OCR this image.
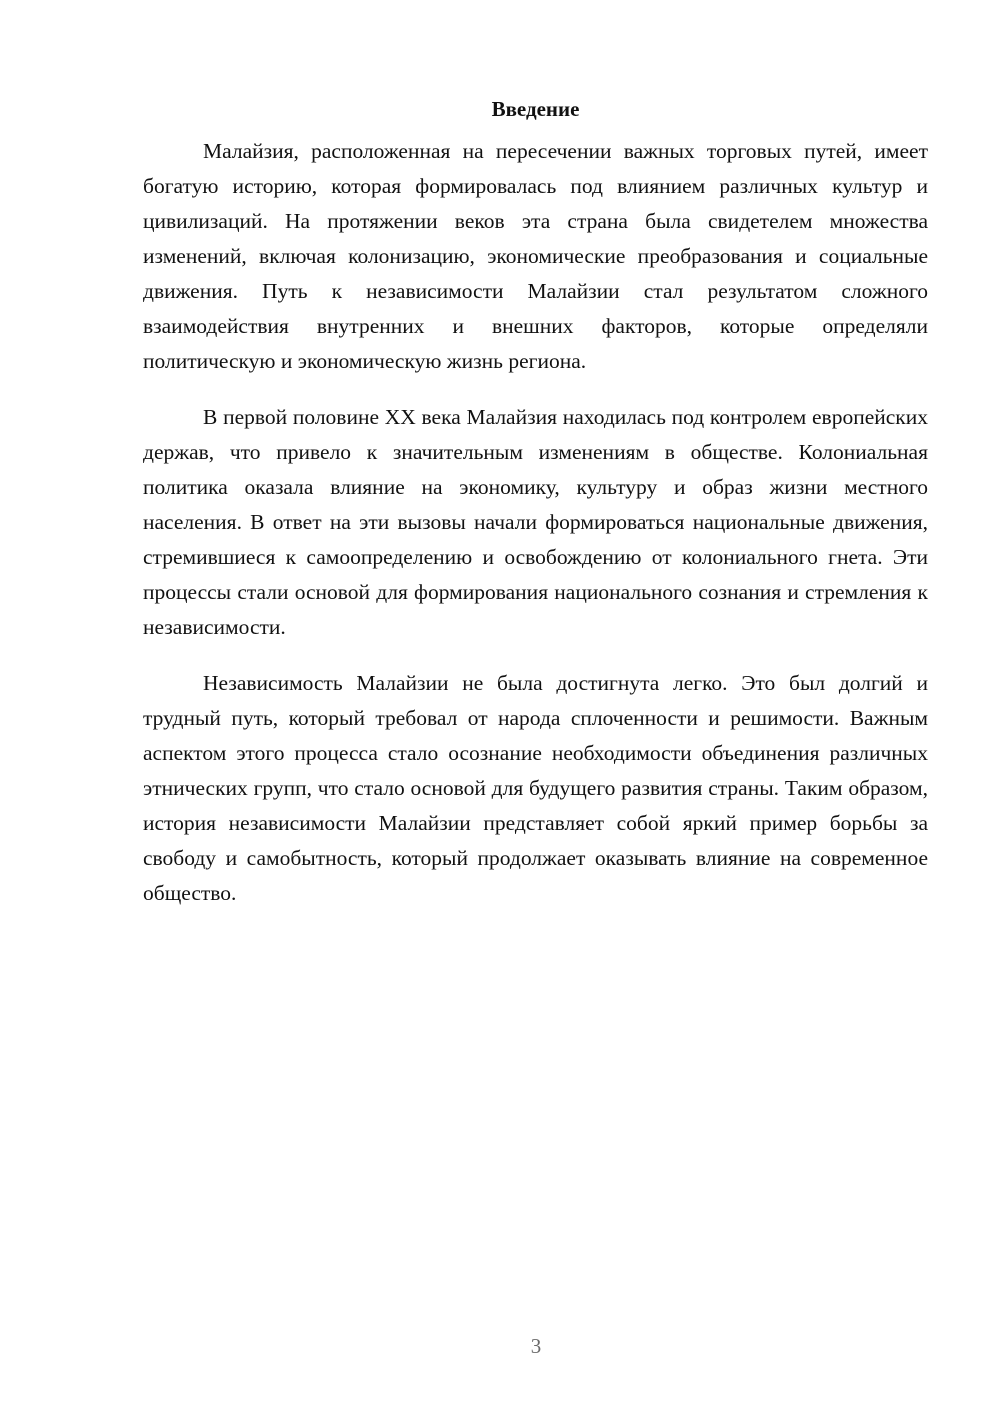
Введение

Малайзия, расположенная на пересечении важных торговых путей, имеет богатую историю, которая формировалась под влиянием различных культур и цивилизаций. На протяжении веков эта страна была свидетелем множества изменений, включая колонизацию, экономические преобразования и социальные движения. Путь к независимости Малайзии стал результатом сложного взаимодействия внутренних и внешних факторов, которые определяли политическую и экономическую жизнь региона.

В первой половине XX века Малайзия находилась под контролем европейских держав, что привело к значительным изменениям в обществе. Колониальная политика оказала влияние на экономику, культуру и образ жизни местного населения. В ответ на эти вызовы начали формироваться национальные движения, стремившиеся к самоопределению и освобождению от колониального гнета. Эти процессы стали основой для формирования национального сознания и стремления к независимости.

Независимость Малайзии не была достигнута легко. Это был долгий и трудный путь, который требовал от народа сплоченности и решимости. Важным аспектом этого процесса стало осознание необходимости объединения различных этнических групп, что стало основой для будущего развития страны. Таким образом, история независимости Малайзии представляет собой яркий пример борьбы за свободу и самобытность, который продолжает оказывать влияние на современное общество.

3
